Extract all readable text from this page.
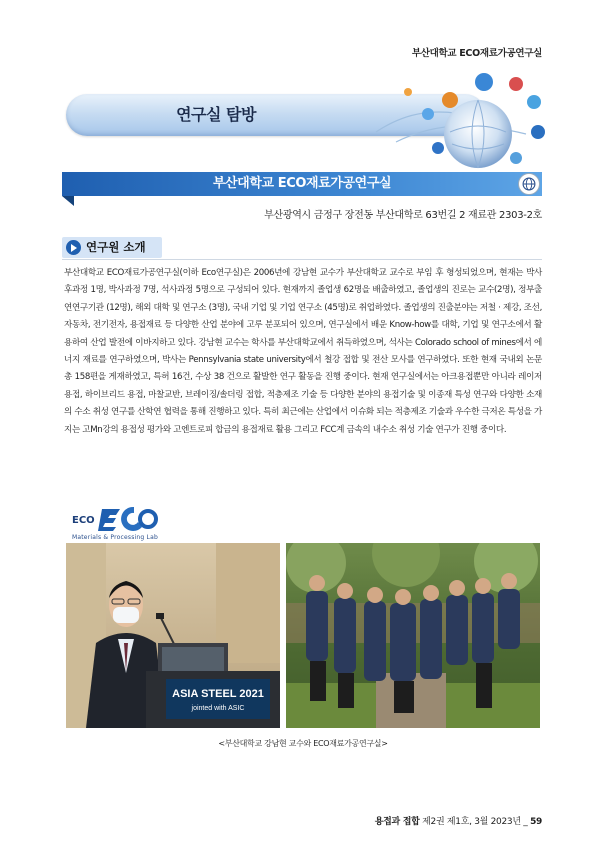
부산대학교 ECO재료가공연구실
연구실 탐방
부산대학교 ECO재료가공연구실
부산광역시 금정구 장전동 부산대학로 63번길 2 재료관 2303-2호
연구원 소개

부산대학교 ECO재료가공연구실(이하 Eco연구실)은 2006년에 강남현 교수가 부산대학교 교수로 부임 후 형성되었으며, 현재는 박사후과정 1명, 박사과정 7명, 석사과정 5명으로 구성되어 있다. 현재까지 졸업생 62명을 배출하였고, 졸업생의 진로는 교수(2명), 정부출연연구기관 (12명), 해외 대학 및 연구소 (3명), 국내 기업 및 기업 연구소 (45명)로 취업하였다. 졸업생의 진출분야는 저철 · 제강, 조선, 자동차, 전기전자, 용접재료 등 다양한 산업 분야에 고루 분포되어 있으며, 연구실에서 배운 Know-how를 대학, 기업 및 연구소에서 활용하여 산업 발전에 이바지하고 있다. 강남현 교수는 학사를 부산대학교에서 취득하였으며, 석사는 Colorado school of mines에서 에너지 재료를 연구하였으며, 박사는 Pennsylvania state university에서 철강 접합 및 전산 모사를 연구하였다. 또한 현재 국내외 논문 총 158편을 게재하였고, 특허 16건, 수상 38 건으로 활발한 연구 활동을 진행 중이다. 현재 연구실에서는 아크용접뿐만 아니라 레이저 용접, 하이브리드 용접, 마찰교반, 브레이징/솔더링 접합, 적층제조 기술 등 다양한 분야의 용접기술 및 이종재 특성 연구와 다양한 소재의 수소 취성 연구를 산학연 협력을 통해 진행하고 있다. 특히 최근에는 산업에서 이슈화 되는 적층제조 기술과 우수한 극저온 특성을 가지는 고Mn강의 용접성 평가와 고엔트로피 합금의 용접재료 활용 그리고 FCC계 금속의 내수소 취성 기술 연구가 진행 중이다.

ECO
Materials & Processing Lab
ASIA STEEL 2021
jointed with ASIC
<부산대학교 강남현 교수와 ECO재료가공연구실>
용접과 접합 제2권 제1호, 3월 2023년 _ 59
